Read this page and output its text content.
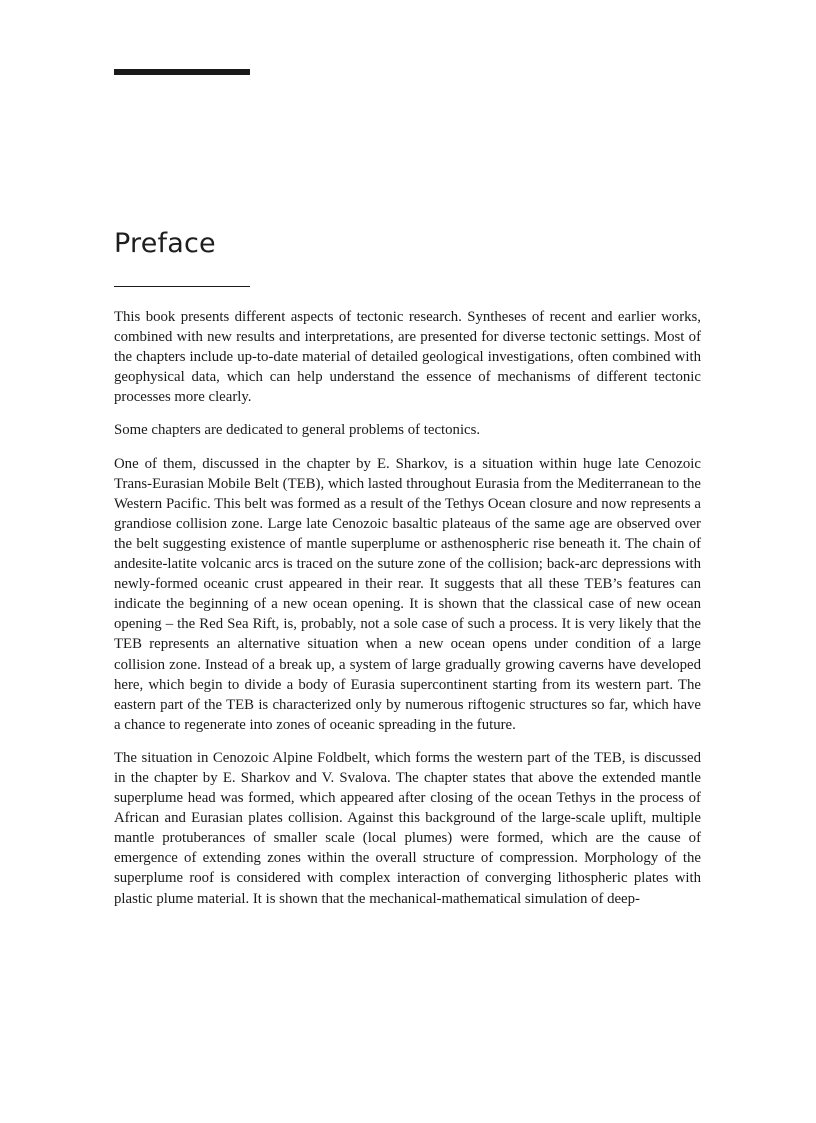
Preface

This book presents different aspects of tectonic research. Syntheses of recent and earlier works, combined with new results and interpretations, are presented for diverse tectonic settings. Most of the chapters include up-to-date material of detailed geological investigations, often combined with geophysical data, which can help understand the essence of mechanisms of different tectonic processes more clearly.

Some chapters are dedicated to general problems of tectonics.

One of them, discussed in the chapter by E. Sharkov, is a situation within huge late Cenozoic Trans-Eurasian Mobile Belt (TEB), which lasted throughout Eurasia from the Mediterranean to the Western Pacific. This belt was formed as a result of the Tethys Ocean closure and now represents a grandiose collision zone. Large late Cenozoic basaltic plateaus of the same age are observed over the belt suggesting existence of mantle superplume or asthenospheric rise beneath it. The chain of andesite-latite volcanic arcs is traced on the suture zone of the collision; back-arc depressions with newly-formed oceanic crust appeared in their rear. It suggests that all these TEB’s features can indicate the beginning of a new ocean opening. It is shown that the classical case of new ocean opening – the Red Sea Rift, is, probably, not a sole case of such a process. It is very likely that the TEB represents an alternative situation when a new ocean opens under condition of a large collision zone. Instead of a break up, a system of large gradually growing caverns have developed here, which begin to divide a body of Eurasia supercontinent starting from its western part. The eastern part of the TEB is characterized only by numerous riftogenic structures so far, which have a chance to regenerate into zones of oceanic spreading in the future.

The situation in Cenozoic Alpine Foldbelt, which forms the western part of the TEB, is discussed in the chapter by E. Sharkov and V. Svalova. The chapter states that above the extended mantle superplume head was formed, which appeared after closing of the ocean Tethys in the process of African and Eurasian plates collision. Against this background of the large-scale uplift, multiple mantle protuberances of smaller scale (local plumes) were formed, which are the cause of emergence of extending zones within the overall structure of compression. Morphology of the superplume roof is considered with complex interaction of converging lithospheric plates with plastic plume material. It is shown that the mechanical-mathematical simulation of deep-
